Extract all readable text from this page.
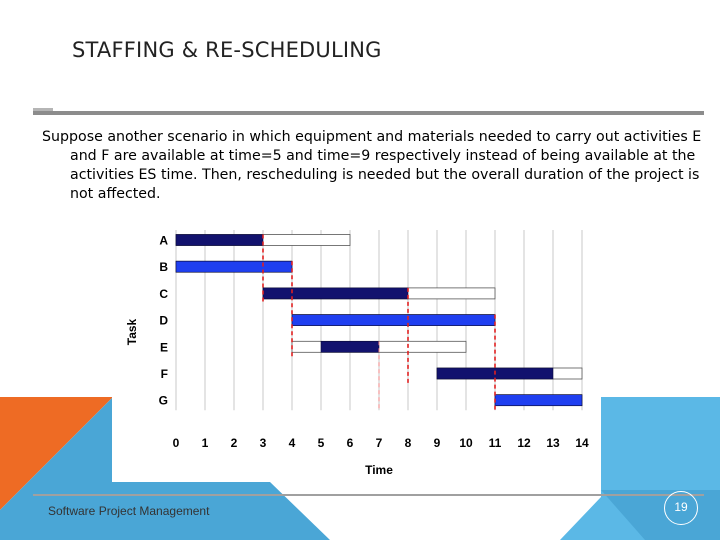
STAFFING & RE-SCHEDULING
Suppose another scenario in which equipment and materials needed to carry out activities E and F are available at time=5 and time=9 respectively instead of being available at the activities ES time. Then, rescheduling is needed but the overall duration of the project is not affected.
A
B
C
D
E
F
G
0 1 2 3 4 5 6 7 8 9 10 11 12 13 14
Time
Task
Software Project Management	19
